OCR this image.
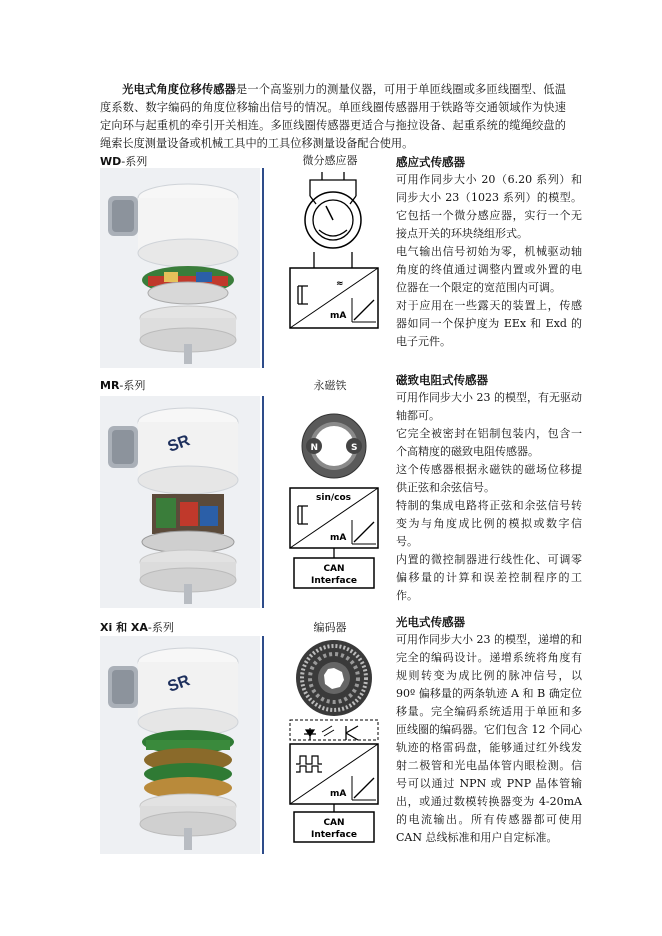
光电式角度位移传感器是一个高鉴别力的测量仪器，可用于单匝线圈或多匝线圈型、低温度系数、数字编码的角度位移输出信号的情况。单匝线圈传感器用于铁路等交通领域作为快速定向环与起重机的牵引开关相连。多匝线圈传感器更适合与拖拉设备、起重系统的缆绳绞盘的绳索长度测量设备或机械工具中的工具位移测量设备配合使用。
WD-系列	微分感应器
≈
mA
感应式传感器

可用作同步大小 20（6.20 系列）和同步大小 23（1023 系列）的模型。它包括一个微分感应器，实行一个无接点开关的环块绕组形式。

电气输出信号初始为零，机械驱动轴角度的终值通过调整内置或外置的电位器在一个限定的宽范围内可调。

对于应用在一些露天的装置上，传感器如同一个保护度为 EEx 和 Exd 的电子元件。

MR-系列	永磁铁
SR	N	S
sin/cos
mA
CAN
Interface
磁致电阻式传感器

可用作同步大小 23 的模型，有无驱动轴都可。

它完全被密封在铝制包装内，包含一个高精度的磁致电阻传感器。

这个传感器根据永磁铁的磁场位移提供正弦和余弦信号。

特制的集成电路将正弦和余弦信号转变为与角度成比例的模拟或数字信号。

内置的微控制器进行线性化、可调零偏移量的计算和误差控制程序的工作。

Xi 和 XA-系列	编码器
SR
mA
CAN
Interface
光电式传感器

可用作同步大小 23 的模型，递增的和完全的编码设计。递增系统将角度有规则转变为成比例的脉冲信号，以 90º 偏移量的两条轨迹 A 和 B 确定位移量。完全编码系统适用于单匝和多匝线圈的编码器。它们包含 12 个同心轨迹的格雷码盘，能够通过红外线发射二极管和光电晶体管内眼检测。信号可以通过 NPN 或 PNP 晶体管输出，或通过数模转换器变为 4-20mA 的电流输出。所有传感器都可使用 CAN 总线标准和用户自定标准。
